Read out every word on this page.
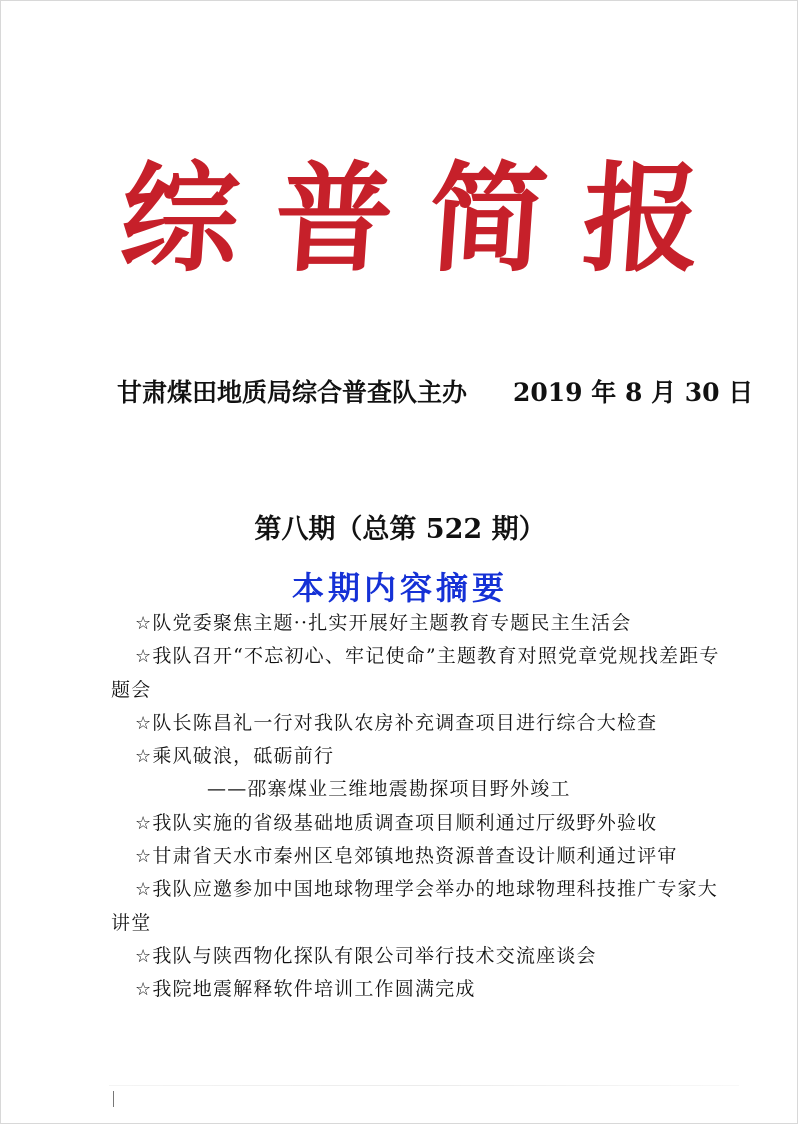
综 普 简 报
甘肃煤田地质局综合普查队主办 2019 年 8 月 30 日
第八期（总第 522 期）
本期内容摘要

☆队党委聚焦主题··扎实开展好主题教育专题民主生活会

☆我队召开“不忘初心、牢记使命”主题教育对照党章党规找差距专题会

☆队长陈昌礼一行对我队农房补充调查项目进行综合大检查

☆乘风破浪，砥砺前行

——邵寨煤业三维地震勘探项目野外竣工

☆我队实施的省级基础地质调查项目顺利通过厅级野外验收

☆甘肃省天水市秦州区皂郊镇地热资源普查设计顺利通过评审

☆我队应邀参加中国地球物理学会举办的地球物理科技推广专家大讲堂

☆我队与陕西物化探队有限公司举行技术交流座谈会

☆我院地震解释软件培训工作圆满完成
